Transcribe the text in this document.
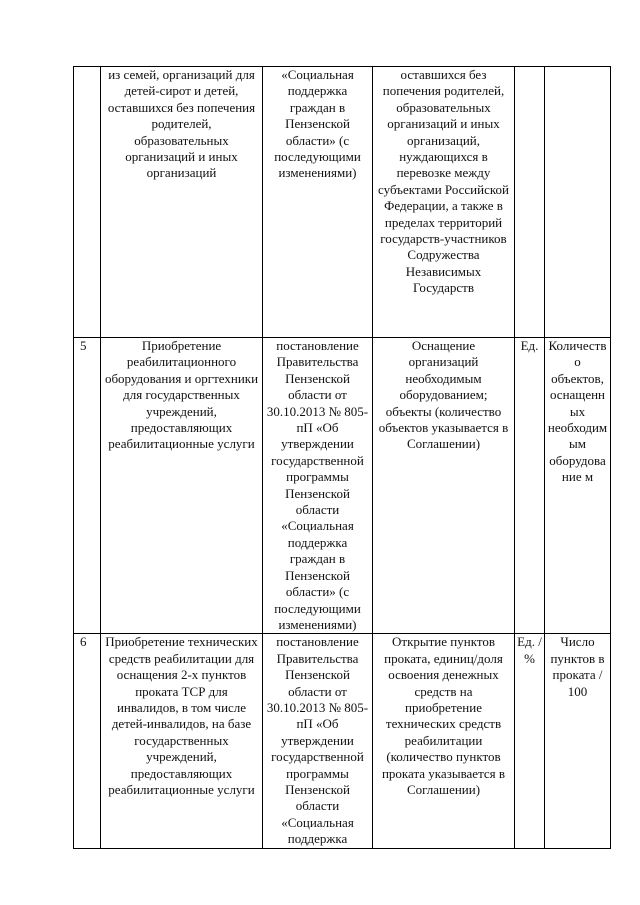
	из семей, организаций для детей-сирот и детей, оставшихся без попечения родителей, образовательных организаций и иных организаций	«Социальная поддержка граждан в Пензенской области» (с последующими изменениями)	оставшихся без попечения родителей, образовательных организаций и иных организаций, нуждающихся в перевозке между субъектами Российской Федерации, а также в пределах территорий государств-участников Содружества Независимых Государств		
5	Приобретение реабилитационного оборудования и оргтехники для государственных учреждений, предоставляющих реабилитационные услуги	постановление Правительства Пензенской области от 30.10.2013 № 805-пП «Об утверждении государственной программы Пензенской области «Социальная поддержка граждан в Пензенской области» (с последующими изменениями)	Оснащение организаций необходимым оборудованием; объекты (количество объектов указывается в Соглашении)	Ед.	Количество объектов, оснащенных необходимым оборудование м
6	Приобретение технических средств реабилитации для оснащения 2-х пунктов проката ТСР для инвалидов, в том числе детей-инвалидов, на базе государственных учреждений, предоставляющих реабилитационные услуги	постановление Правительства Пензенской области от 30.10.2013 № 805-пП «Об утверждении государственной программы Пензенской области «Социальная поддержка	Открытие пунктов проката, единиц/доля освоения денежных средств на приобретение технических средств реабилитации (количество пунктов проката указывается в Соглашении)	Ед. / %	Число пунктов в проката / 100
